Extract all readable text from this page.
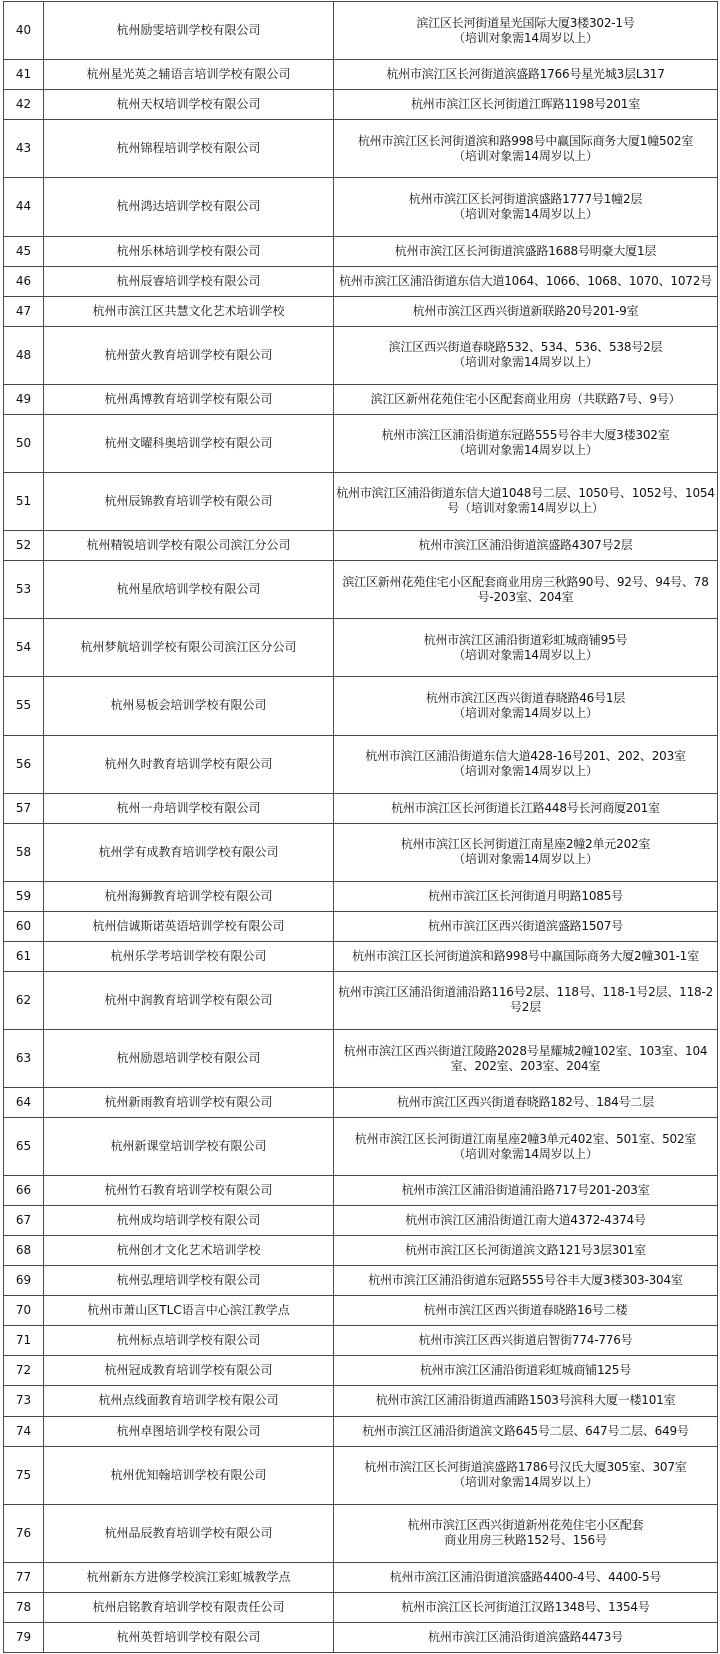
40	杭州励雯培训学校有限公司	滨江区长河街道星光国际大厦3楼302-1号
（培训对象需14周岁以上）
41	杭州星光英之辅语言培训学校有限公司	杭州市滨江区长河街道滨盛路1766号星光城3层L317
42	杭州天权培训学校有限公司	杭州市滨江区长河街道江晖路1198号201室
43	杭州锦程培训学校有限公司	杭州市滨江区长河街道滨和路998号中赢国际商务大厦1幢502室
（培训对象需14周岁以上）
44	杭州鸿达培训学校有限公司	杭州市滨江区长河街道滨盛路1777号1幢2层
（培训对象需14周岁以上）
45	杭州乐林培训学校有限公司	杭州市滨江区长河街道滨盛路1688号明豪大厦1层
46	杭州辰睿培训学校有限公司	杭州市滨江区浦沿街道东信大道1064、1066、1068、1070、1072号
47	杭州市滨江区共慧文化艺术培训学校	杭州市滨江区西兴街道新联路20号201-9室
48	杭州萤火教育培训学校有限公司	滨江区西兴街道春晓路532、534、536、538号2层
（培训对象需14周岁以上）
49	杭州禹博教育培训学校有限公司	滨江区新州花苑住宅小区配套商业用房（共联路7号、9号）
50	杭州文曜科奥培训学校有限公司	杭州市滨江区浦沿街道东冠路555号谷丰大厦3楼302室
（培训对象需14周岁以上）
51	杭州辰锦教育培训学校有限公司	杭州市滨江区浦沿街道东信大道1048号二层、1050号、1052号、1054号（培训对象需14周岁以上）
52	杭州精锐培训学校有限公司滨江分公司	杭州市滨江区浦沿街道滨盛路4307号2层
53	杭州星欣培训学校有限公司	滨江区新州花苑住宅小区配套商业用房三秋路90号、92号、94号、78号-203室、204室
54	杭州梦航培训学校有限公司滨江区分公司	杭州市滨江区浦沿街道彩虹城商铺95号
（培训对象需14周岁以上）
55	杭州易板会培训学校有限公司	杭州市滨江区西兴街道春晓路46号1层
（培训对象需14周岁以上）
56	杭州久时教育培训学校有限公司	杭州市滨江区浦沿街道东信大道428-16号201、202、203室
（培训对象需14周岁以上）
57	杭州一舟培训学校有限公司	杭州市滨江区长河街道长江路448号长河商厦201室
58	杭州学有成教育培训学校有限公司	杭州市滨江区长河街道江南星座2幢2单元202室
（培训对象需14周岁以上）
59	杭州海狮教育培训学校有限公司	杭州市滨江区长河街道月明路1085号
60	杭州信诚斯诺英语培训学校有限公司	杭州市滨江区西兴街道滨盛路1507号
61	杭州乐学考培训学校有限公司	杭州市滨江区长河街道滨和路998号中赢国际商务大厦2幢301-1室
62	杭州中润教育培训学校有限公司	杭州市滨江区浦沿街道浦沿路116号2层、118号、118-1号2层、118-2号2层
63	杭州励恩培训学校有限公司	杭州市滨江区西兴街道江陵路2028号星耀城2幢102室、103室、104室、202室、203室、204室
64	杭州新雨教育培训学校有限公司	杭州市滨江区西兴街道春晓路182号、184号二层
65	杭州新课堂培训学校有限公司	杭州市滨江区长河街道江南星座2幢3单元402室、501室、502室
（培训对象需14周岁以上）
66	杭州竹石教育培训学校有限公司	杭州市滨江区浦沿街道浦沿路717号201-203室
67	杭州成均培训学校有限公司	杭州市滨江区浦沿街道江南大道4372-4374号
68	杭州创才文化艺术培训学校	杭州市滨江区长河街道滨文路121号3层301室
69	杭州弘理培训学校有限公司	杭州市滨江区浦沿街道东冠路555号谷丰大厦3楼303-304室
70	杭州市萧山区TLC语言中心滨江教学点	杭州市滨江区西兴街道春晓路16号二楼
71	杭州标点培训学校有限公司	杭州市滨江区西兴街道启智街774-776号
72	杭州冠成教育培训学校有限公司	杭州市滨江区浦沿街道彩虹城商铺125号
73	杭州点线面教育培训学校有限公司	杭州市滨江区浦沿街道西浦路1503号滨科大厦一楼101室
74	杭州卓图培训学校有限公司	杭州市滨江区浦沿街道滨文路645号二层、647号二层、649号
75	杭州优知翰培训学校有限公司	杭州市滨江区长河街道滨盛路1786号汉氏大厦305室、307室
（培训对象需14周岁以上）
76	杭州品辰教育培训学校有限公司	杭州市滨江区西兴街道新州花苑住宅小区配套
商业用房三秋路152号、156号
77	杭州新东方进修学校滨江彩虹城教学点	杭州市滨江区浦沿街道滨盛路4400-4号、4400-5号
78	杭州启铭教育培训学校有限责任公司	杭州市滨江区长河街道江汉路1348号、1354号
79	杭州英哲培训学校有限公司	杭州市滨江区浦沿街道滨盛路4473号
